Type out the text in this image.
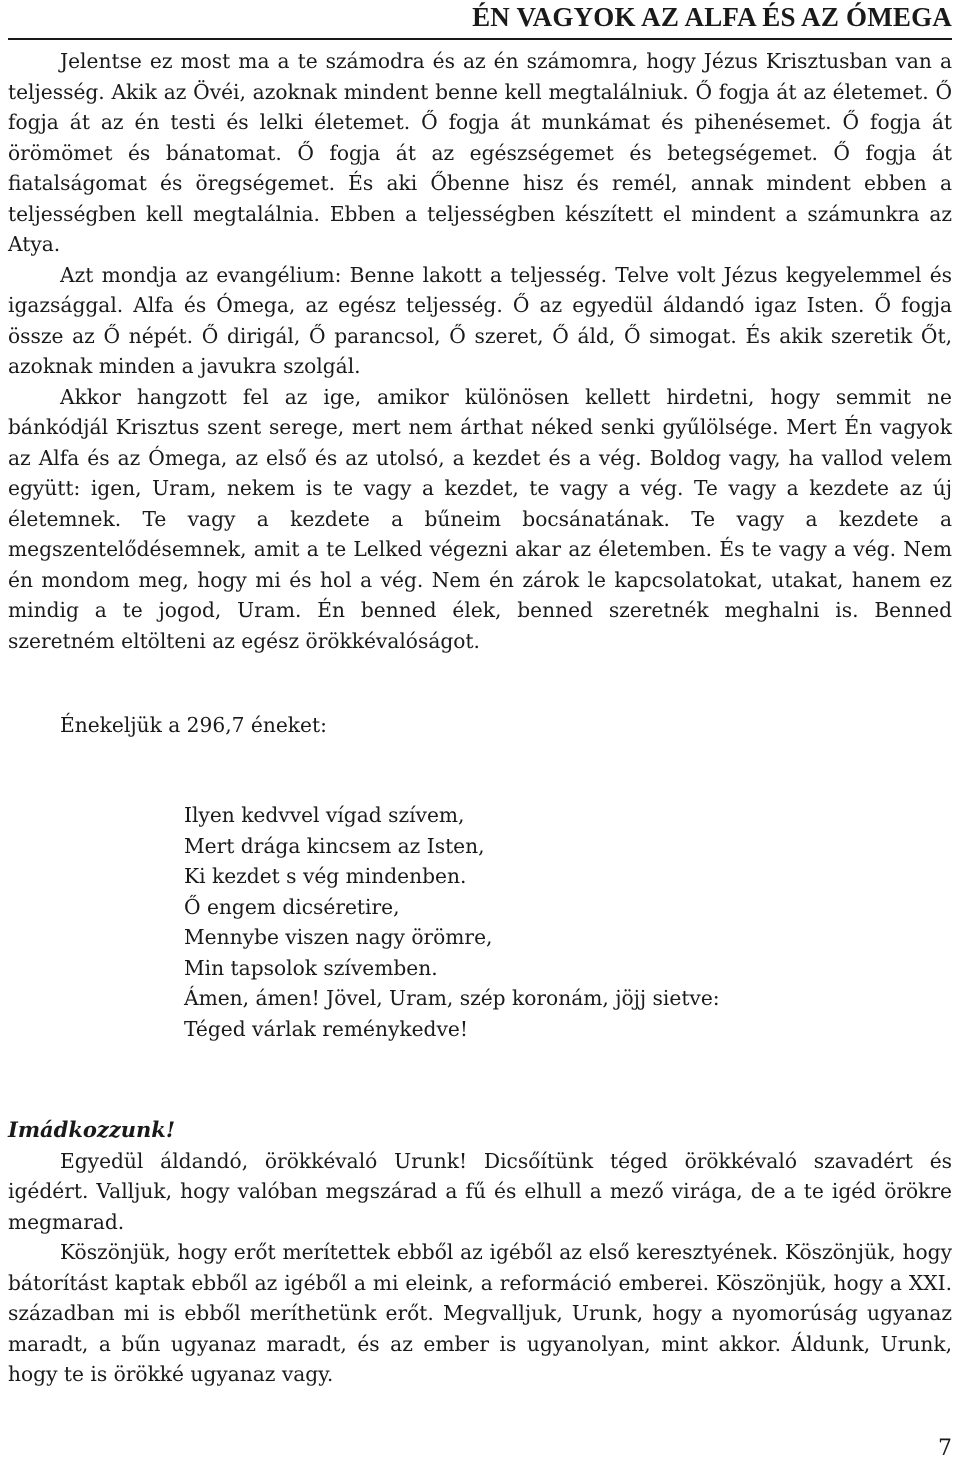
ÉN VAGYOK AZ ALFA ÉS AZ ÓMEGA

Jelentse ez most ma a te számodra és az én számomra, hogy Jézus Krisztusban van a teljesség. Akik az Övéi, azoknak mindent benne kell megtalálniuk. Ő fogja át az életemet. Ő fogja át az én testi és lelki életemet. Ő fogja át munkámat és pihenésemet. Ő fogja át örömömet és bánatomat. Ő fogja át az egészségemet és betegségemet. Ő fogja át fiatalságomat és öregségemet. És aki Őbenne hisz és remél, annak mindent ebben a teljességben kell megtalálnia. Ebben a teljességben készített el mindent a számunkra az Atya.

Azt mondja az evangélium: Benne lakott a teljesség. Telve volt Jézus kegyelemmel és igazsággal. Alfa és Ómega, az egész teljesség. Ő az egyedül áldandó igaz Isten. Ő fogja össze az Ő népét. Ő dirigál, Ő parancsol, Ő szeret, Ő áld, Ő simogat. És akik szeretik Őt, azoknak minden a javukra szolgál.

Akkor hangzott fel az ige, amikor különösen kellett hirdetni, hogy semmit ne bánkódjál Krisztus szent serege, mert nem árthat néked senki gyűlölsége. Mert Én vagyok az Alfa és az Ómega, az első és az utolsó, a kezdet és a vég. Boldog vagy, ha vallod velem együtt: igen, Uram, nekem is te vagy a kezdet, te vagy a vég. Te vagy a kezdete az új életemnek. Te vagy a kezdete a bűneim bocsánatának. Te vagy a kezdete a megszentelődésemnek, amit a te Lelked végezni akar az életemben. És te vagy a vég. Nem én mondom meg, hogy mi és hol a vég. Nem én zárok le kapcsolatokat, utakat, hanem ez mindig a te jogod, Uram. Én benned élek, benned szeretnék meghalni is. Benned szeretném eltölteni az egész örökkévalóságot.

Énekeljük a 296,7 éneket:

Ilyen kedvvel vígad szívem,
Mert drága kincsem az Isten,
Ki kezdet s vég mindenben.
Ő engem dicséretire,
Mennybe viszen nagy örömre,
Min tapsolok szívemben.
Ámen, ámen! Jövel, Uram, szép koronám, jöjj sietve:
Téged várlak reménykedve!
Imádkozzunk!

Egyedül áldandó, örökkévaló Urunk! Dicsőítünk téged örökkévaló szavadért és igédért. Valljuk, hogy valóban megszárad a fű és elhull a mező virága, de a te igéd örökre megmarad.

Köszönjük, hogy erőt merítettek ebből az igéből az első keresztyének. Köszönjük, hogy bátorítást kaptak ebből az igéből a mi eleink, a reformáció emberei. Köszönjük, hogy a XXI. században mi is ebből meríthetünk erőt. Megvalljuk, Urunk, hogy a nyomorúság ugyanaz maradt, a bűn ugyanaz maradt, és az ember is ugyanolyan, mint akkor. Áldunk, Urunk, hogy te is örökké ugyanaz vagy.

7
